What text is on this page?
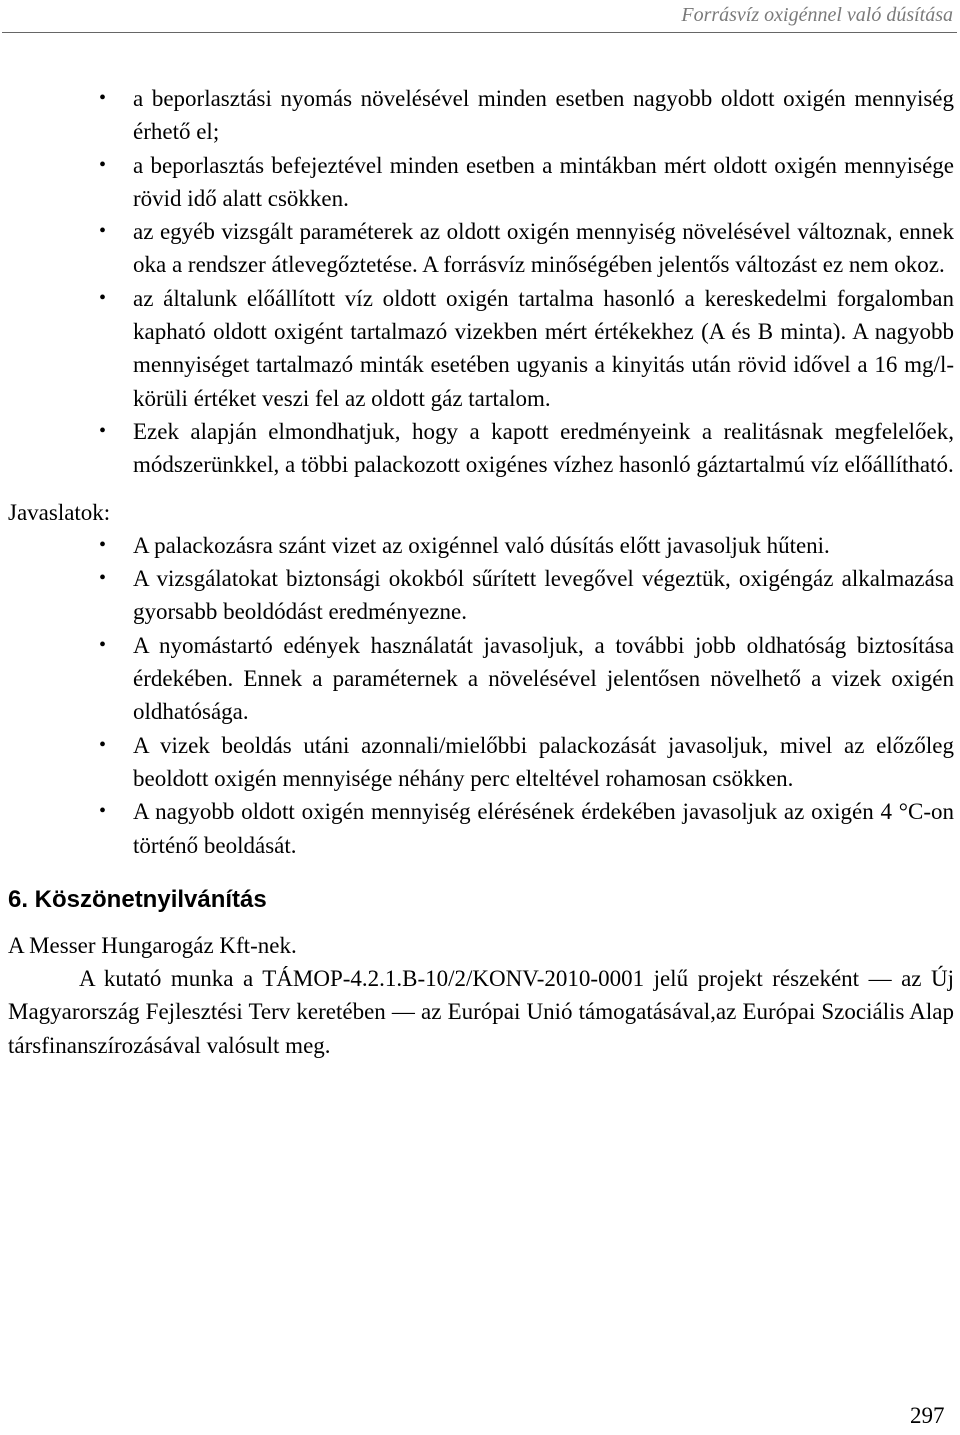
Forrásvíz oxigénnel való dúsítása
• a beporlasztási nyomás növelésével minden esetben nagyobb oldott oxigén mennyiség érhető el;
• a beporlasztás befejeztével minden esetben a mintákban mért oldott oxigén mennyisége rövid idő alatt csökken.
• az egyéb vizsgált paraméterek az oldott oxigén mennyiség növelésével változnak, ennek oka a rendszer átlevegőztetése. A forrásvíz minőségében jelentős változást ez nem okoz.
• az általunk előállított víz oldott oxigén tartalma hasonló a kereskedelmi forgalomban kapható oldott oxigént tartalmazó vizekben mért értékekhez (A és B minta). A nagyobb mennyiséget tartalmazó minták esetében ugyanis a kinyitás után rövid idővel a 16 mg/l-körüli értéket veszi fel az oldott gáz tartalom.
• Ezek alapján elmondhatjuk, hogy a kapott eredményeink a realitásnak megfelelőek, módszerünkkel, a többi palackozott oxigénes vízhez hasonló gáztartalmú víz előállítható.
Javaslatok:
• A palackozásra szánt vizet az oxigénnel való dúsítás előtt javasoljuk hűteni.
• A vizsgálatokat biztonsági okokból sűrített levegővel végeztük, oxigéngáz alkalmazása gyorsabb beoldódást eredményezne.
• A nyomástartó edények használatát javasoljuk, a további jobb oldhatóság biztosítása érdekében. Ennek a paraméternek a növelésével jelentősen növelhető a vizek oxigén oldhatósága.
• A vizek beoldás utáni azonnali/mielőbbi palackozását javasoljuk, mivel az előzőleg beoldott oxigén mennyisége néhány perc elteltével rohamosan csökken.
• A nagyobb oldott oxigén mennyiség elérésének érdekében javasoljuk az oxigén 4 °C-on történő beoldását.
6. Köszönetnyilvánítás

A Messer Hungarogáz Kft-nek.

A kutató munka a TÁMOP-4.2.1.B-10/2/KONV-2010-0001 jelű projekt részeként — az Új Magyarország Fejlesztési Terv keretében — az Európai Unió támogatásával,az Európai Szociális Alap társfinanszírozásával valósult meg.

297
